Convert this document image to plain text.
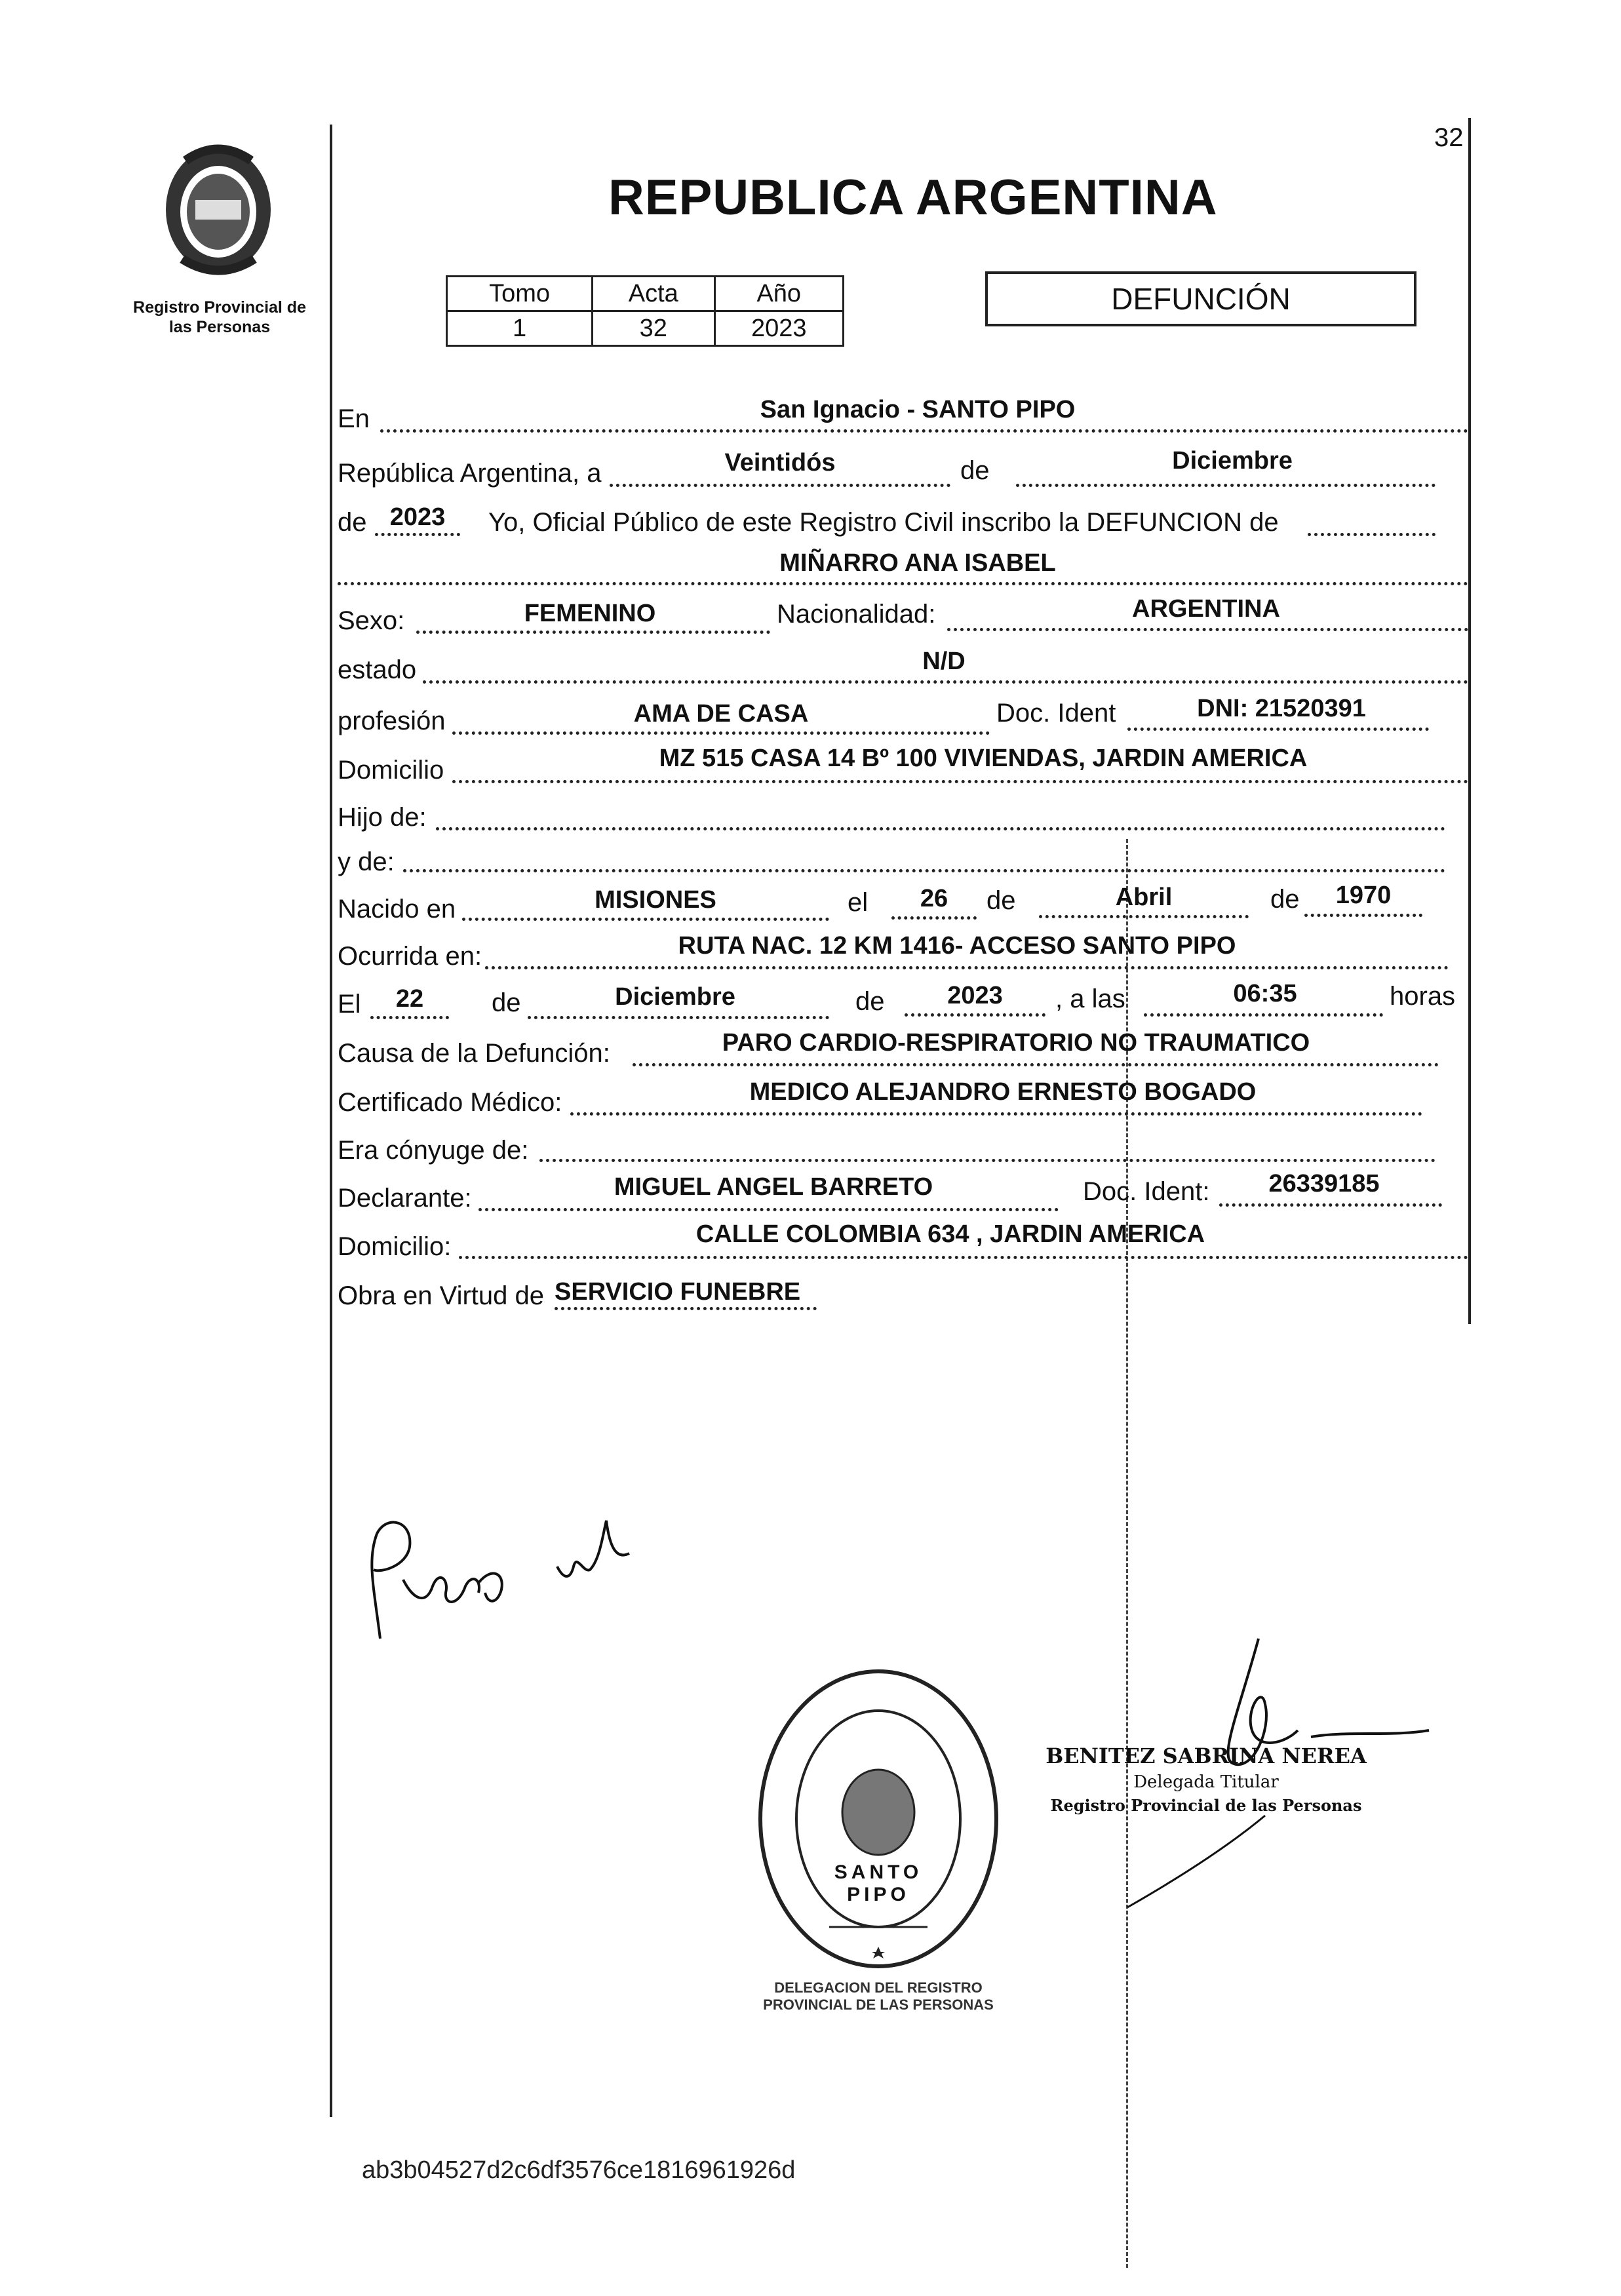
Registro Provincial de
las Personas
32
REPUBLICA ARGENTINA
Tomo	Acta	Año
1	32	2023
DEFUNCIÓN
En	San Ignacio - SANTO PIPO
República Argentina, a	Veintidós	de	Diciembre
de 2023	Yo, Oficial Público de este Registro Civil inscribo la DEFUNCION de
MIÑARRO ANA ISABEL
Sexo:	FEMENINO	Nacionalidad:	ARGENTINA
estado	N/D
profesión	AMA DE CASA	Doc. Ident	DNI: 21520391
Domicilio	MZ 515 CASA 14 Bº 100 VIVIENDAS, JARDIN AMERICA
Hijo de:
y de:
Nacido en	MISIONES	el	26	de	Abril	de	1970
Ocurrida en:	RUTA NAC. 12 KM 1416- ACCESO SANTO PIPO
El	22	de	Diciembre	de	2023	, a las	06:35	horas
Causa de la Defunción:	PARO CARDIO-RESPIRATORIO NO TRAUMATICO
Certificado Médico:	MEDICO ALEJANDRO ERNESTO BOGADO
Era cónyuge de:
Declarante:	MIGUEL ANGEL BARRETO	Doc. Ident:	26339185
Domicilio:	CALLE COLOMBIA 634 , JARDIN AMERICA
Obra en Virtud de SERVICIO FUNEBRE
DELEGACION DEL REGISTRO PROVINCIAL DE LAS PERSONAS
SANTO PIPO
BENITEZ SABRINA NEREA
Delegada Titular
Registro Provincial de las Personas
ab3b04527d2c6df3576ce1816961926d
